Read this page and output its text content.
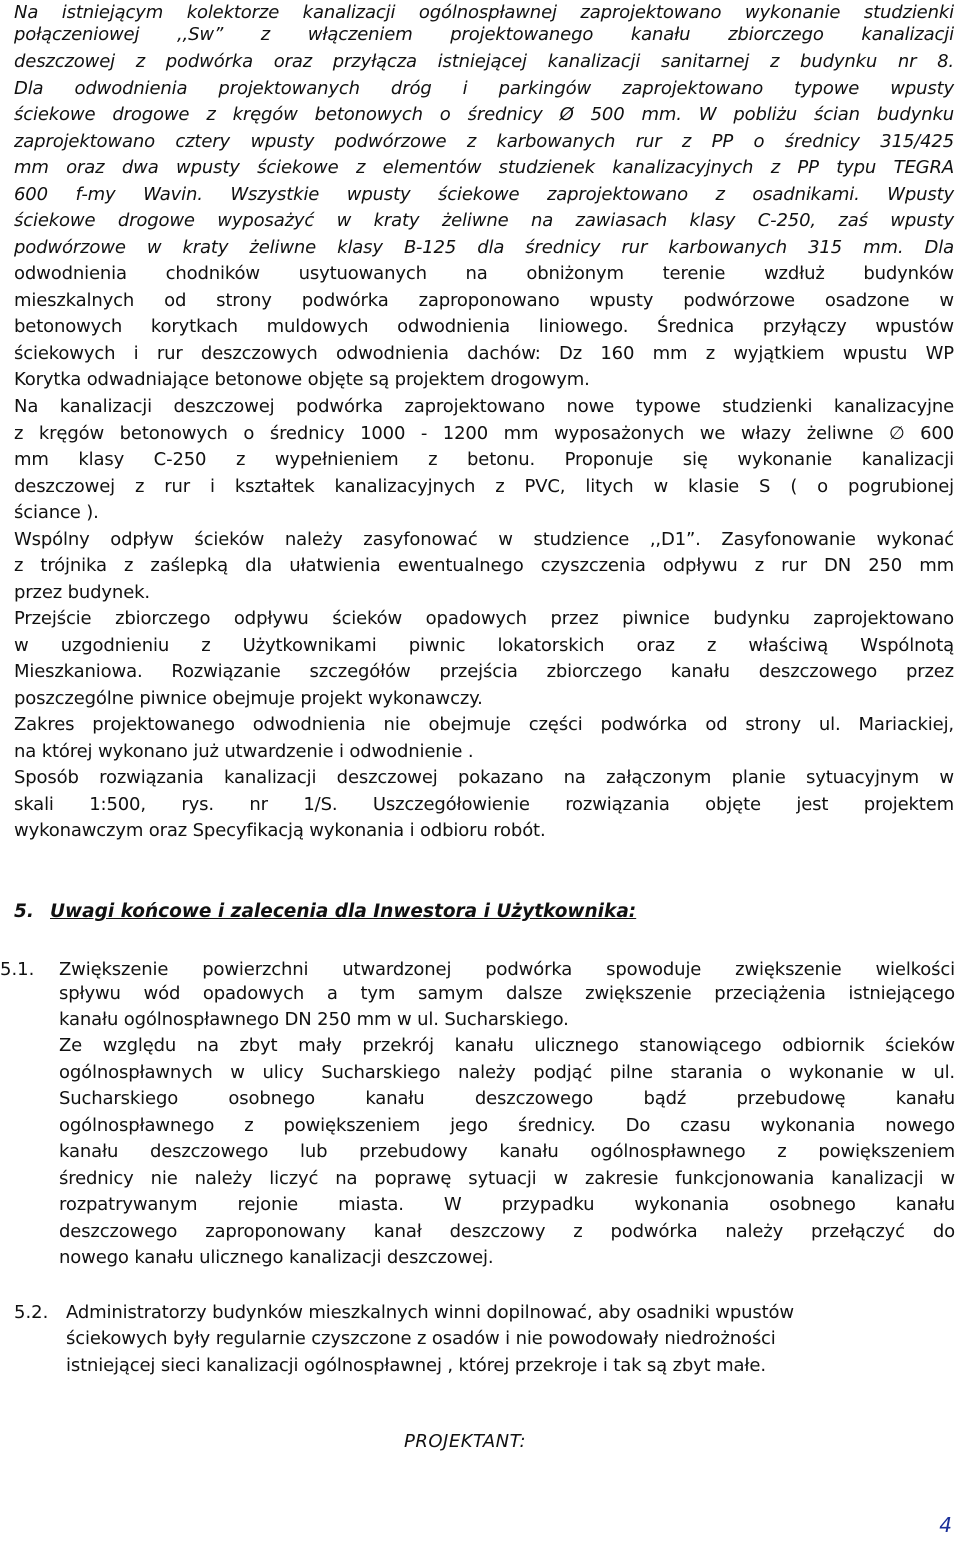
Na istniejącym kolektorze kanalizacji ogólnospławnej zaprojektowano wykonanie studzienki
połączeniowej ,,Sw” z włączeniem projektowanego kanału zbiorczego kanalizacji
deszczowej z podwórka oraz przyłącza istniejącej kanalizacji sanitarnej z budynku nr 8.
Dla odwodnienia projektowanych dróg i parkingów zaprojektowano typowe wpusty
ściekowe drogowe z kręgów betonowych o średnicy Ø 500 mm. W pobliżu ścian budynku
zaprojektowano cztery wpusty podwórzowe z karbowanych rur z PP o średnicy 315/425
mm oraz dwa wpusty ściekowe z elementów studzienek kanalizacyjnych z PP typu TEGRA
600 f-my Wavin. Wszystkie wpusty ściekowe zaprojektowano z osadnikami. Wpusty
ściekowe drogowe wyposażyć w kraty żeliwne na zawiasach klasy C-250, zaś wpusty
podwórzowe w kraty żeliwne klasy B-125 dla średnicy rur karbowanych 315 mm. Dla
odwodnienia chodników usytuowanych na obniżonym terenie wzdłuż budynków
mieszkalnych od strony podwórka zaproponowano wpusty podwórzowe osadzone w
betonowych korytkach muldowych odwodnienia liniowego. Średnica przyłączy wpustów
ściekowych i rur deszczowych odwodnienia dachów: Dz 160 mm z wyjątkiem wpustu WP
Korytka odwadniające betonowe objęte są projektem drogowym.
Na kanalizacji deszczowej podwórka zaprojektowano nowe typowe studzienki kanalizacyjne
z kręgów betonowych o średnicy 1000 - 1200 mm wyposażonych we włazy żeliwne ∅ 600
mm klasy C-250 z wypełnieniem z betonu. Proponuje się wykonanie kanalizacji
deszczowej z rur i kształtek kanalizacyjnych z PVC, litych w klasie S ( o pogrubionej
ściance ).
Wspólny odpływ ścieków należy zasyfonować w studzience ,,D1”. Zasyfonowanie wykonać
z trójnika z zaślepką dla ułatwienia ewentualnego czyszczenia odpływu z rur DN 250 mm
przez budynek.
Przejście zbiorczego odpływu ścieków opadowych przez piwnice budynku zaprojektowano
w uzgodnieniu z Użytkownikami piwnic lokatorskich oraz z właściwą Wspólnotą
Mieszkaniowa. Rozwiązanie szczegółów przejścia zbiorczego kanału deszczowego przez
poszczególne piwnice obejmuje projekt wykonawczy.
Zakres projektowanego odwodnienia nie obejmuje części podwórka od strony ul. Mariackiej,
na której wykonano już utwardzenie i odwodnienie .
Sposób rozwiązania kanalizacji deszczowej pokazano na załączonym planie sytuacyjnym w
skali 1:500, rys. nr 1/S. Uszczegółowienie rozwiązania objęte jest projektem
wykonawczym oraz Specyfikacją wykonania i odbioru robót.
5. Uwagi końcowe i zalecenia dla Inwestora i Użytkownika:
5.1. Zwiększenie powierzchni utwardzonej podwórka spowoduje zwiększenie wielkości
spływu wód opadowych a tym samym dalsze zwiększenie przeciążenia istniejącego
kanału ogólnospławnego DN 250 mm w ul. Sucharskiego.
Ze względu na zbyt mały przekrój kanału ulicznego stanowiącego odbiornik ścieków
ogólnospławnych w ulicy Sucharskiego należy podjąć pilne starania o wykonanie w ul.
Sucharskiego osobnego kanału deszczowego bądź przebudowę kanału
ogólnospławnego z powiększeniem jego średnicy. Do czasu wykonania nowego
kanału deszczowego lub przebudowy kanału ogólnospławnego z powiększeniem
średnicy nie należy liczyć na poprawę sytuacji w zakresie funkcjonowania kanalizacji w
rozpatrywanym rejonie miasta. W przypadku wykonania osobnego kanału
deszczowego zaproponowany kanał deszczowy z podwórka należy przełączyć do
nowego kanału ulicznego kanalizacji deszczowej.
5.2. Administratorzy budynków mieszkalnych winni dopilnować, aby osadniki wpustów
ściekowych były regularnie czyszczone z osadów i nie powodowały niedrożności
istniejącej sieci kanalizacji ogólnospławnej , której przekroje i tak są zbyt małe.
PROJEKTANT:
4
